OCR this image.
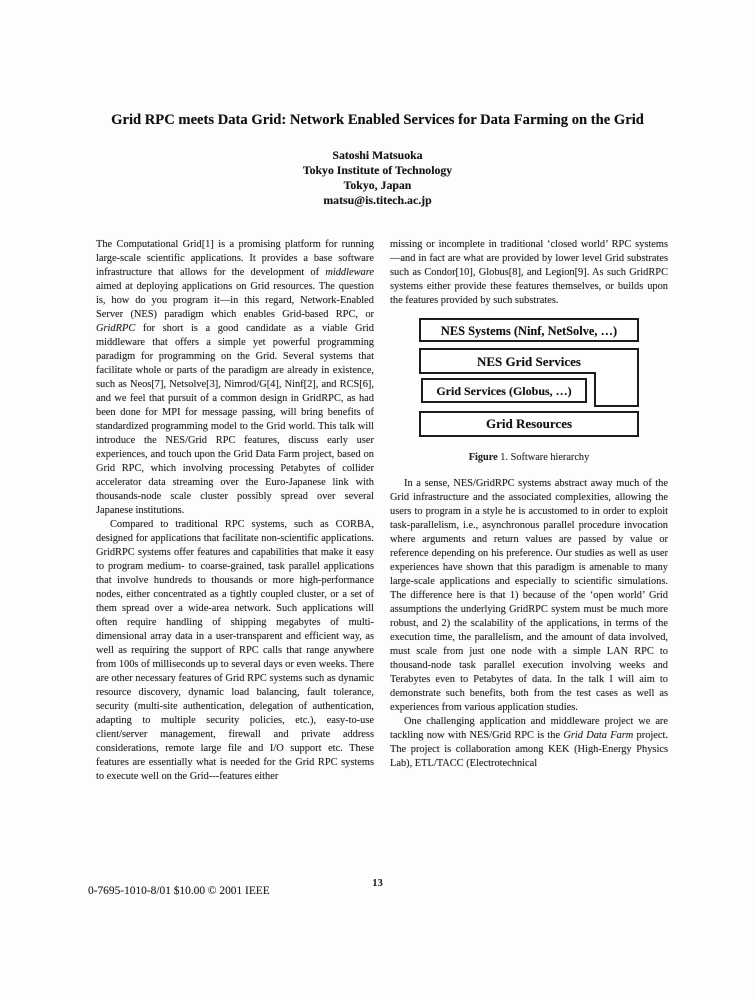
Grid RPC meets Data Grid: Network Enabled Services for Data Farming on the Grid
Satoshi Matsuoka
Tokyo Institute of Technology
Tokyo, Japan
matsu@is.titech.ac.jp

The Computational Grid[1] is a promising platform for running large-scale scientific applications. It provides a base software infrastructure that allows for the development of middleware aimed at deploying applications on Grid resources. The question is, how do you program it—in this regard, Network-Enabled Server (NES) paradigm which enables Grid-based RPC, or GridRPC for short is a good candidate as a viable Grid middleware that offers a simple yet powerful programming paradigm for programming on the Grid. Several systems that facilitate whole or parts of the paradigm are already in existence, such as Neos[7], Netsolve[3], Nimrod/G[4], Ninf[2], and RCS[6], and we feel that pursuit of a common design in GridRPC, as had been done for MPI for message passing, will bring benefits of standardized programming model to the Grid world. This talk will introduce the NES/Grid RPC features, discuss early user experiences, and touch upon the Grid Data Farm project, based on Grid RPC, which involving processing Petabytes of collider accelerator data streaming over the Euro-Japanese link with thousands-node scale cluster possibly spread over several Japanese institutions.

Compared to traditional RPC systems, such as CORBA, designed for applications that facilitate non-scientific applications. GridRPC systems offer features and capabilities that make it easy to program medium- to coarse-grained, task parallel applications that involve hundreds to thousands or more high-performance nodes, either concentrated as a tightly coupled cluster, or a set of them spread over a wide-area network. Such applications will often require handling of shipping megabytes of multi-dimensional array data in a user-transparent and efficient way, as well as requiring the support of RPC calls that range anywhere from 100s of milliseconds up to several days or even weeks. There are other necessary features of Grid RPC systems such as dynamic resource discovery, dynamic load balancing, fault tolerance, security (multi-site authentication, delegation of authentication, adapting to multiple security policies, etc.), easy-to-use client/server management, firewall and private address considerations, remote large file and I/O support etc. These features are essentially what is needed for the Grid RPC systems to execute well on the Grid---features either

missing or incomplete in traditional ‘closed world’ RPC systems —and in fact are what are provided by lower level Grid substrates such as Condor[10], Globus[8], and Legion[9]. As such GridRPC systems either provide these features themselves, or builds upon the features provided by such substrates.

NES Systems (Ninf, NetSolve, …)
NES Grid Services
Grid Services (Globus, …)
Grid Resources
Figure 1. Software hierarchy

In a sense, NES/GridRPC systems abstract away much of the Grid infrastructure and the associated complexities, allowing the users to program in a style he is accustomed to in order to exploit task-parallelism, i.e., asynchronous parallel procedure invocation where arguments and return values are passed by value or reference depending on his preference. Our studies as well as user experiences have shown that this paradigm is amenable to many large-scale applications and especially to scientific simulations. The difference here is that 1) because of the ‘open world’ Grid assumptions the underlying GridRPC system must be much more robust, and 2) the scalability of the applications, in terms of the execution time, the parallelism, and the amount of data involved, must scale from just one node with a simple LAN RPC to thousand-node task parallel execution involving weeks and Terabytes even to Petabytes of data. In the talk I will aim to demonstrate such benefits, both from the test cases as well as experiences from various application studies.

One challenging application and middleware project we are tackling now with NES/Grid RPC is the Grid Data Farm project. The project is collaboration among KEK (High-Energy Physics Lab), ETL/TACC (Electrotechnical

13
0-7695-1010-8/01 $10.00 © 2001 IEEE
